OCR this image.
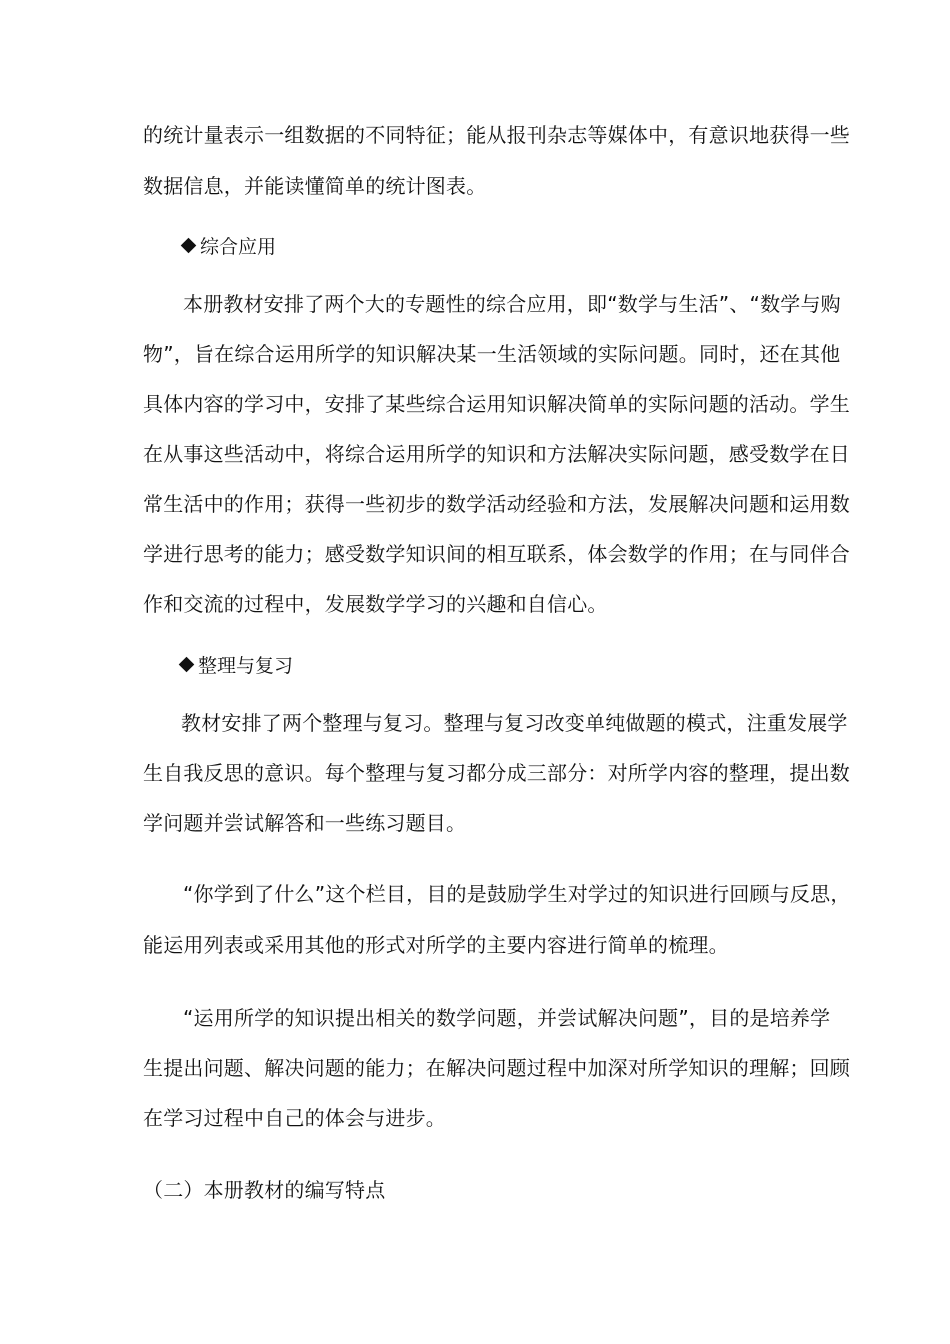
的统计量表示一组数据的不同特征；能从报刊杂志等媒体中，有意识地获得一些
数据信息，并能读懂简单的统计图表。
综合应用
本册教材安排了两个大的专题性的综合应用，即“数学与生活”、“数学与购
物”，旨在综合运用所学的知识解决某一生活领域的实际问题。同时，还在其他
具体内容的学习中，安排了某些综合运用知识解决简单的实际问题的活动。学生
在从事这些活动中，将综合运用所学的知识和方法解决实际问题，感受数学在日
常生活中的作用；获得一些初步的数学活动经验和方法，发展解决问题和运用数
学进行思考的能力；感受数学知识间的相互联系，体会数学的作用；在与同伴合
作和交流的过程中，发展数学学习的兴趣和自信心。
整理与复习
教材安排了两个整理与复习。整理与复习改变单纯做题的模式，注重发展学
生自我反思的意识。每个整理与复习都分成三部分：对所学内容的整理，提出数
学问题并尝试解答和一些练习题目。
“你学到了什么”这个栏目，目的是鼓励学生对学过的知识进行回顾与反思，
能运用列表或采用其他的形式对所学的主要内容进行简单的梳理。
“运用所学的知识提出相关的数学问题，并尝试解决问题”，目的是培养学
生提出问题、解决问题的能力；在解决问题过程中加深对所学知识的理解；回顾
在学习过程中自己的体会与进步。
（二）本册教材的编写特点
